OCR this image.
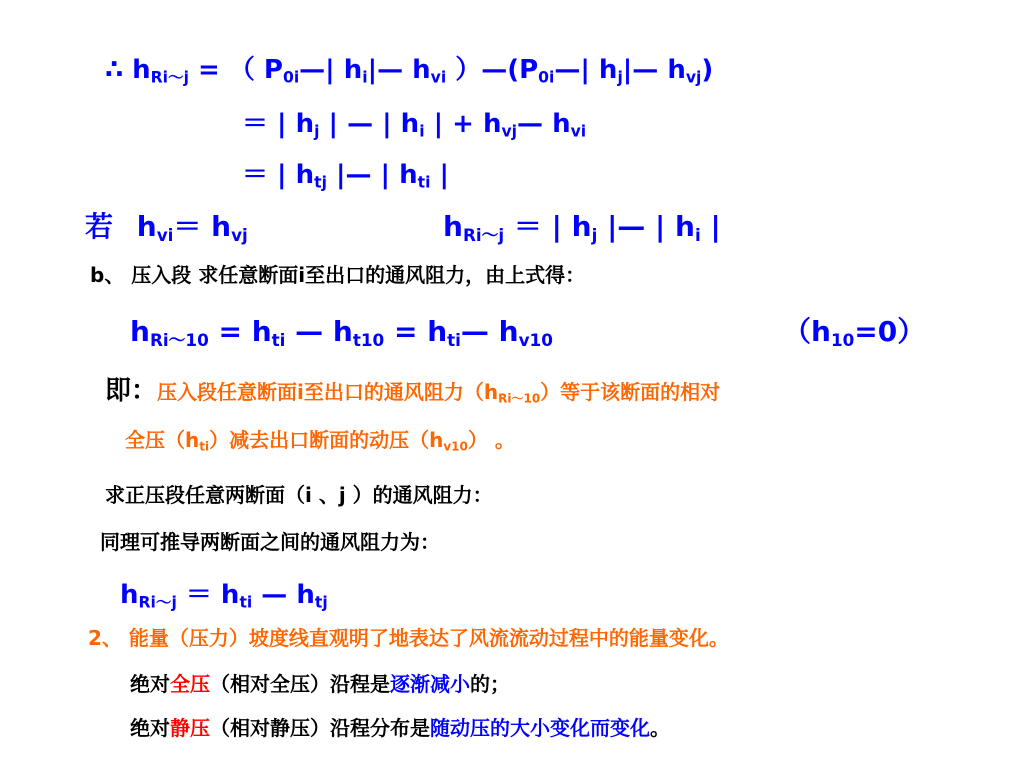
∴ $h_{Ri\sim j}$ = （ $P_{0i}—|$ $h_i|—$ $h_{vi}$ ）$—(P_{0i}—|$ $h_j|—$ $h_{vj}$)
＝ | $h_j$ | — | $h_i$ | + $h_{vj}—$ $h_{vi}$
＝ | $h_{tj}$ |— | $h_{ti}$ |
若 $h_{vi}= h_{vj}$	$h_{Ri\sim j}$ ＝ | $h_j$ |— | $h_i$ |
b、 压入段 求任意断面i至出口的通风阻力，由上式得：
$h_{Ri\sim 10} = h_{ti}$ — $h_{t10}$ = $h_{ti}—$ $h_{v10}$	$(h_{10}=0)$
即：压入段任意断面i至出口的通风阻力$(h_{Ri\sim 10})$等于该断面的相对
全压$(h_{ti})$减去出口断面的动压$(h_{v10})$ 。
求正压段任意两断面（i 、j ）的通风阻力：
同理可推导两断面之间的通风阻力为：
$h_{Ri\sim j} = h_{ti}$ — $h_{tj}$
2、 能量（压力）坡度线直观明了地表达了风流流动过程中的能量变化。
绝对全压（相对全压）沿程是逐渐减小的；
绝对静压（相对静压）沿程分布是随动压的大小变化而变化。
